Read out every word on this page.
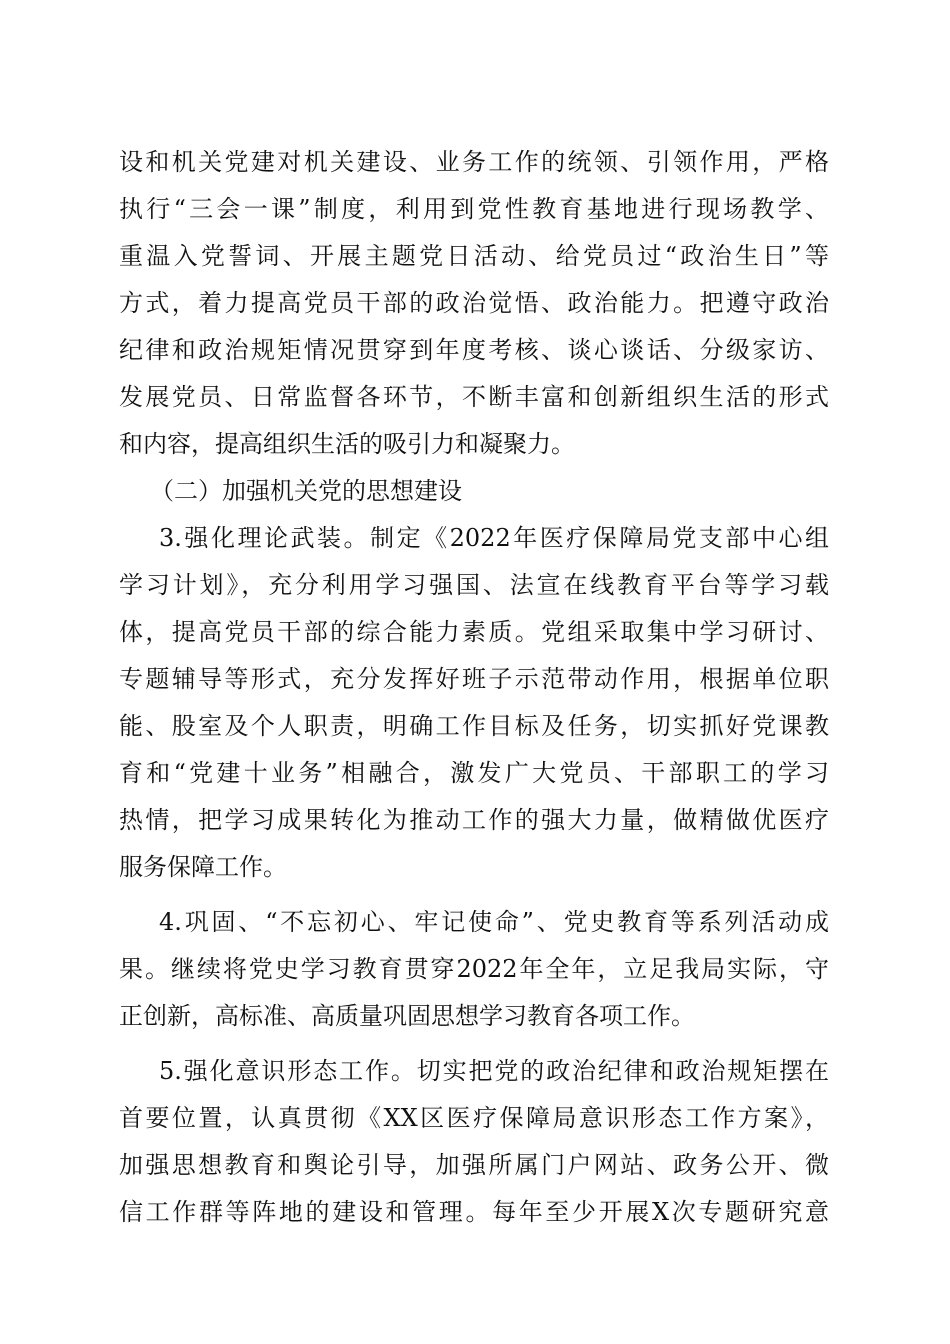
设和机关党建对机关建设、业务工作的统领、引领作用，严格
执行“三会一课”制度，利用到党性教育基地进行现场教学、
重温入党誓词、开展主题党日活动、给党员过“政治生日”等
方式，着力提高党员干部的政治觉悟、政治能力。把遵守政治
纪律和政治规矩情况贯穿到年度考核、谈心谈话、分级家访、
发展党员、日常监督各环节，不断丰富和创新组织生活的形式
和内容，提高组织生活的吸引力和凝聚力。
（二）加强机关党的思想建设
3.强化理论武装。制定《2022年医疗保障局党支部中心组
学习计划》，充分利用学习强国、法宣在线教育平台等学习载
体，提高党员干部的综合能力素质。党组采取集中学习研讨、
专题辅导等形式，充分发挥好班子示范带动作用，根据单位职
能、股室及个人职责，明确工作目标及任务，切实抓好党课教
育和“党建十业务”相融合，激发广大党员、干部职工的学习
热情，把学习成果转化为推动工作的强大力量，做精做优医疗
服务保障工作。
4.巩固、“不忘初心、牢记使命”、党史教育等系列活动成
果。继续将党史学习教育贯穿2022年全年，立足我局实际，守
正创新，高标准、高质量巩固思想学习教育各项工作。
5.强化意识形态工作。切实把党的政治纪律和政治规矩摆在
首要位置，认真贯彻《XX区医疗保障局意识形态工作方案》，
加强思想教育和舆论引导，加强所属门户网站、政务公开、微
信工作群等阵地的建设和管理。每年至少开展X次专题研究意
